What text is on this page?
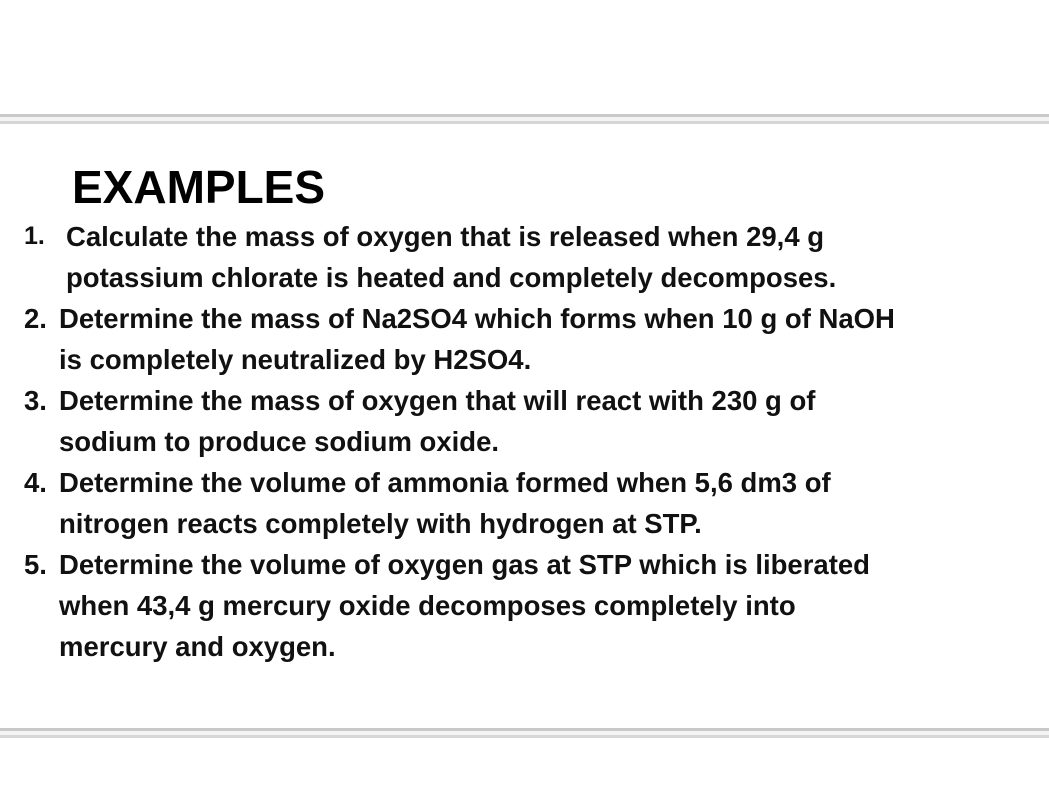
EXAMPLES
1. Calculate the mass of oxygen that is released when 29,4 g
potassium chlorate is heated and completely decomposes.
2. Determine the mass of Na2SO4 which forms when 10 g of NaOH
is completely neutralized by H2SO4.
3. Determine the mass of oxygen that will react with 230 g of
sodium to produce sodium oxide.
4. Determine the volume of ammonia formed when 5,6 dm3 of
nitrogen reacts completely with hydrogen at STP.
5. Determine the volume of oxygen gas at STP which is liberated
when 43,4 g mercury oxide decomposes completely into
mercury and oxygen.
